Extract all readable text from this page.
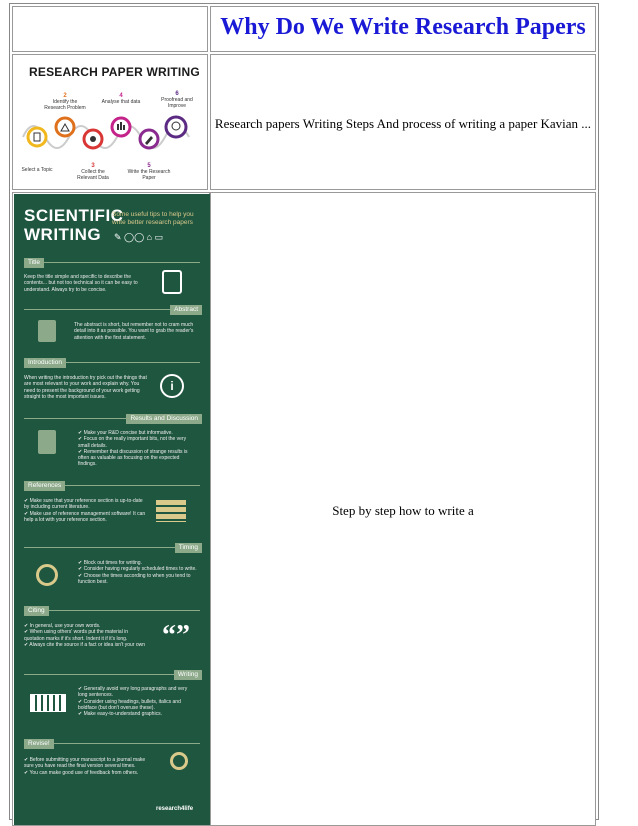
Why Do We Write Research Papers
RESEARCH PAPER WRITING
Select a Topic
2
Identify the Research Problem
3
Collect the Relevant Data
4
Analyse that data
5
Write the Research Paper
6
Proofread and Improve
Research papers Writing Steps And process of writing a paper Kavian ...
SCIENTIFIC WRITING
Some useful tips to help you write better research papers
✎ ◯◯ ⌂ ▭
Title
Keep the title simple and specific to describe the contents... but not too technical so it can be easy to understand. Always try to be concise.
Abstract
The abstract is short, but remember not to cram much detail into it as possible. You want to grab the reader's attention with the first statement.
Introduction
When writing the introduction try pick out the things that are most relevant to your work and explain why. You need to present the background of your work getting straight to the most important issues.
i
Results and Discussion
✔ Make your R&D concise but informative.
✔ Focus on the really important bits, not the very small details.
✔ Remember that discussion of strange results is often as valuable as focusing on the expected findings.
References
✔ Make sure that your reference section is up-to-date by including current literature.
✔ Make use of reference management software! It can help a lot with your reference section.
Timing
✔ Block out times for writing.
✔ Consider having regularly scheduled times to write.
✔ Choose the times according to when you tend to function best.
Citing
✔ In general, use your own words.
✔ When using others' words put the material in quotation marks if it's short. Indent it if it's long.
✔ Always cite the source if a fact or idea isn't your own “”
Writing
✔ Generally avoid very long paragraphs and very long sentences.
✔ Consider using headings, bullets, italics and boldface (but don't overuse these).
✔ Make easy-to-understand graphics.
Revise!
✔ Before submitting your manuscript to a journal make sure you have read the final version several times.
✔ You can make good use of feedback from others.
research4life
Step by step how to write a
